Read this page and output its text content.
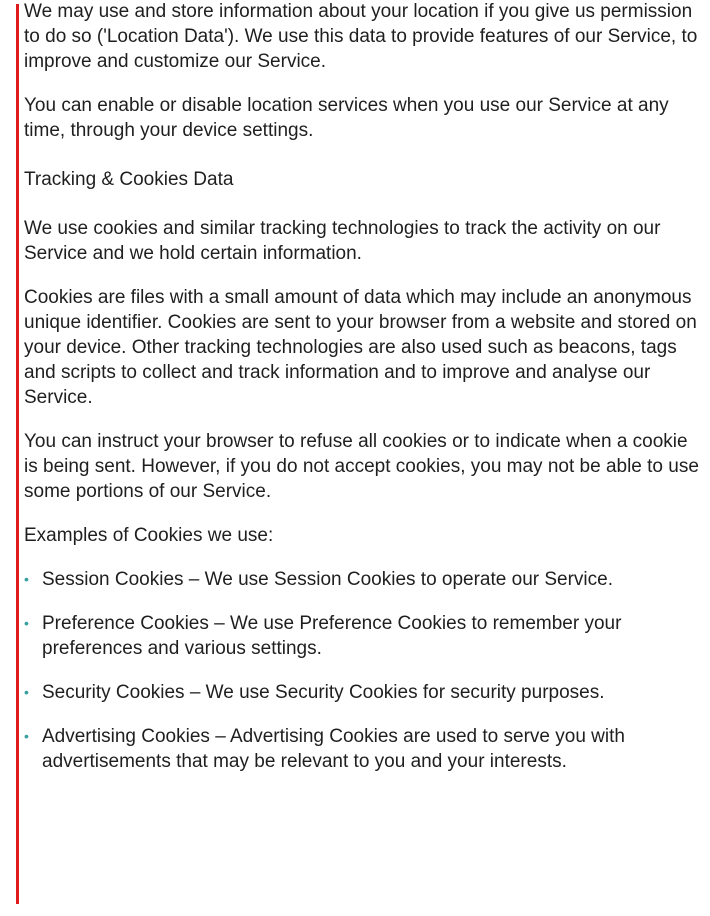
We may use and store information about your location if you give us permission to do so ('Location Data'). We use this data to provide features of our Service, to improve and customize our Service.

You can enable or disable location services when you use our Service at any time, through your device settings.

Tracking & Cookies Data

We use cookies and similar tracking technologies to track the activity on our Service and we hold certain information.

Cookies are files with a small amount of data which may include an anonymous unique identifier. Cookies are sent to your browser from a website and stored on your device. Other tracking technologies are also used such as beacons, tags and scripts to collect and track information and to improve and analyse our Service.

You can instruct your browser to refuse all cookies or to indicate when a cookie is being sent. However, if you do not accept cookies, you may not be able to use some portions of our Service.

Examples of Cookies we use:

• Session Cookies – We use Session Cookies to operate our Service.
• Preference Cookies – We use Preference Cookies to remember your preferences and various settings.
• Security Cookies – We use Security Cookies for security purposes.
• Advertising Cookies – Advertising Cookies are used to serve you with advertisements that may be relevant to you and your interests.
